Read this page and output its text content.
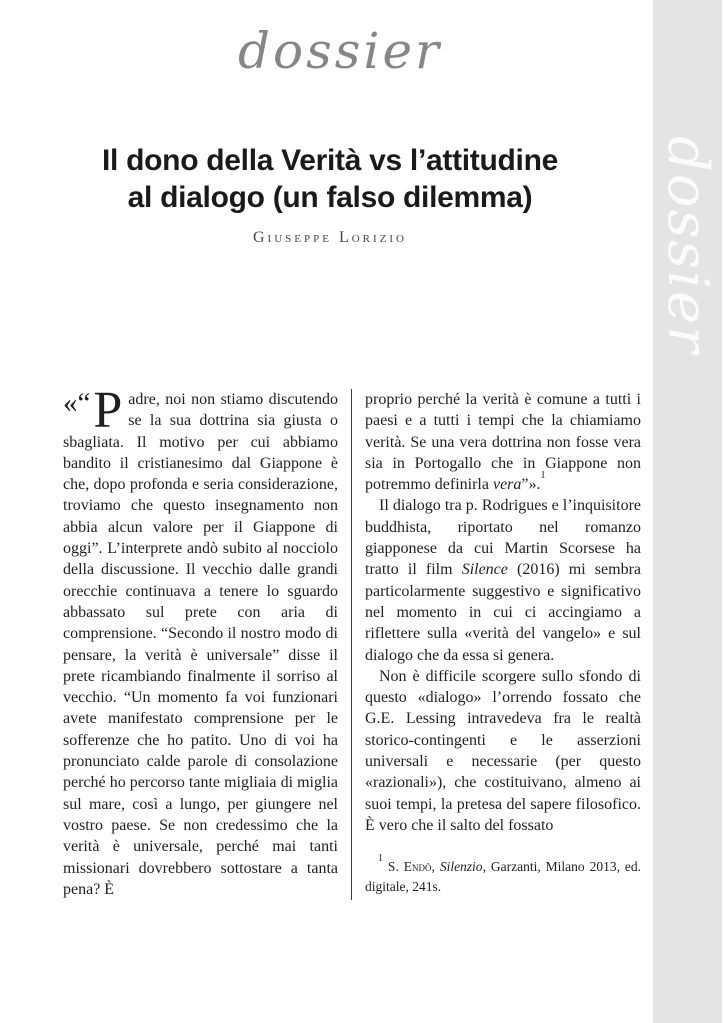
dossier
dossier
Il dono della Verità vs l’attitudine
al dialogo (un falso dilemma)
Giuseppe Lorizio

«“ P adre, noi non stiamo discutendo se la sua dottrina sia giusta o sbagliata. Il motivo per cui abbiamo bandito il cristianesimo dal Giappone è che, dopo profonda e seria considerazione, troviamo che questo insegnamento non abbia alcun valore per il Giappone di oggi”. L’interprete andò subito al nocciolo della discussione. Il vecchio dalle grandi orecchie continuava a tenere lo sguardo abbassato sul prete con aria di comprensione. “Secondo il nostro modo di pensare, la verità è universale” disse il prete ricambiando finalmente il sorriso al vecchio. “Un momento fa voi funzionari avete manifestato comprensione per le sofferenze che ho patito. Uno di voi ha pronunciato calde parole di consolazione perché ho percorso tante migliaia di miglia sul mare, così a lungo, per giungere nel vostro paese. Se non credessimo che la verità è universale, perché mai tanti missionari dovrebbero sottostare a tanta pena? È

proprio perché la verità è comune a tutti i paesi e a tutti i tempi che la chiamiamo verità. Se una vera dottrina non fosse vera sia in Portogallo che in Giappone non potremmo definirla vera”».$^1$

Il dialogo tra p. Rodrigues e l’inquisitore buddhista, riportato nel romanzo giapponese da cui Martin Scorsese ha tratto il film Silence (2016) mi sembra particolarmente suggestivo e significativo nel momento in cui ci accingiamo a riflettere sulla «verità del vangelo» e sul dialogo che da essa si genera.

Non è difficile scorgere sullo sfondo di questo «dialogo» l’orrendo fossato che G.E. Lessing intravedeva fra le realtà storico-contingenti e le asserzioni universali e necessarie (per questo «razionali»), che costituivano, almeno ai suoi tempi, la pretesa del sapere filosofico. È vero che il salto del fossato

$^1$ S. Endō, Silenzio, Garzanti, Milano 2013, ed. digitale, 241s.
